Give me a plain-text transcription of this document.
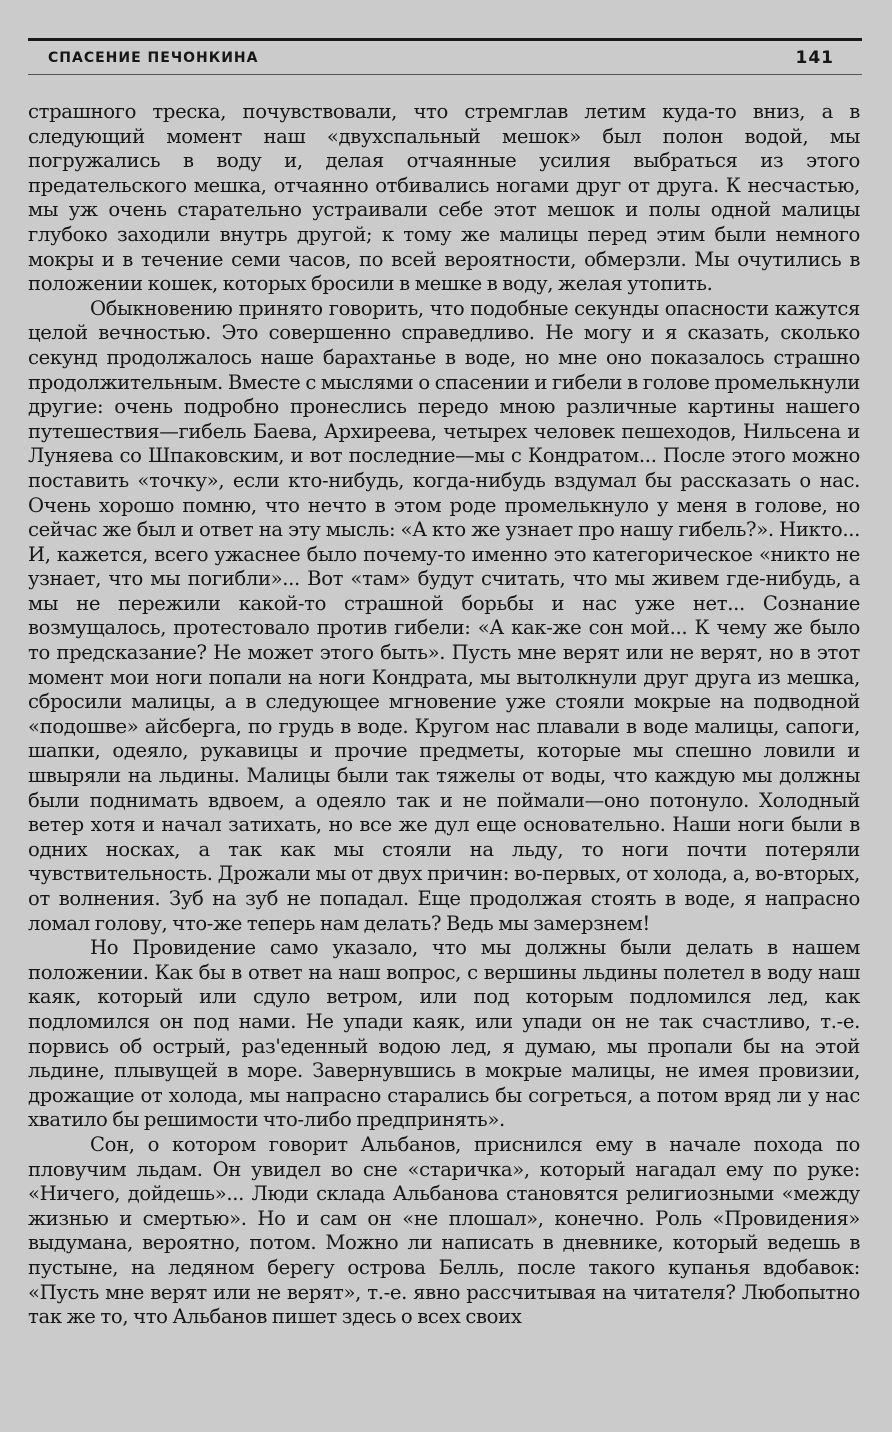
СПАСЕНИЕ ПЕЧОНКИНА	141

страшного треска, почувствовали, что стремглав летим куда-то вниз, а в следующий момент наш «двухспальный мешок» был полон водой, мы погружались в воду и, делая отчаянные усилия выбраться из этого предательского мешка, отчаянно отбивались ногами друг от друга. К несчастью, мы уж очень старательно устраивали себе этот мешок и полы одной малицы глубоко заходили внутрь другой; к тому же малицы перед этим были немного мокры и в течение семи часов, по всей вероятности, обмерзли. Мы очутились в положении кошек, которых бросили в мешке в воду, желая утопить.

Обыкновению принято говорить, что подобные секунды опасности кажутся целой вечностью. Это совершенно справедливо. Не могу и я сказать, сколько секунд продолжалось наше барахтанье в воде, но мне оно показалось страшно продолжительным. Вместе с мыслями о спасении и гибели в голове промелькнули другие: очень подробно пронеслись передо мною различные картины нашего путешествия—гибель Баева, Архиреева, четырех человек пешеходов, Нильсена и Луняева со Шпаковским, и вот последние—мы с Кондратом... После этого можно поставить «точку», если кто-нибудь, когда-нибудь вздумал бы рассказать о нас. Очень хорошо помню, что нечто в этом роде промелькнуло у меня в голове, но сейчас же был и ответ на эту мысль: «А кто же узнает про нашу гибель?». Никто... И, кажется, всего ужаснее было почему-то именно это категорическое «никто не узнает, что мы погибли»... Вот «там» будут считать, что мы живем где-нибудь, а мы не пережили какой-то страшной борьбы и нас уже нет... Сознание возмущалось, протестовало против гибели: «А как-же сон мой... К чему же было то предсказание? Не может этого быть». Пусть мне верят или не верят, но в этот момент мои ноги попали на ноги Кондрата, мы вытолкнули друг друга из мешка, сбросили малицы, а в следующее мгновение уже стояли мокрые на подводной «подошве» айсберга, по грудь в воде. Кругом нас плавали в воде малицы, сапоги, шапки, одеяло, рукавицы и прочие предметы, которые мы спешно ловили и швыряли на льдины. Малицы были так тяжелы от воды, что каждую мы должны были поднимать вдвоем, а одеяло так и не поймали—оно потонуло. Холодный ветер хотя и начал затихать, но все же дул еще основательно. Наши ноги были в одних носках, а так как мы стояли на льду, то ноги почти потеряли чувствительность. Дрожали мы от двух причин: во-первых, от холода, а, во-вторых, от волнения. Зуб на зуб не попадал. Еще продолжая стоять в воде, я напрасно ломал голову, что-же теперь нам делать? Ведь мы замерзнем!

Но Провидение само указало, что мы должны были делать в нашем положении. Как бы в ответ на наш вопрос, с вершины льдины полетел в воду наш каяк, который или сдуло ветром, или под которым подломился лед, как подломился он под нами. Не упади каяк, или упади он не так счастливо, т.-е. порвись об острый, раз'еденный водою лед, я думаю, мы пропали бы на этой льдине, плывущей в море. Завернувшись в мокрые малицы, не имея провизии, дрожащие от холода, мы напрасно старались бы согреться, а потом вряд ли у нас хватило бы решимости что-либо предпринять».

Сон, о котором говорит Альбанов, приснился ему в начале похода по пловучим льдам. Он увидел во сне «старичка», который нагадал ему по руке: «Ничего, дойдешь»... Люди склада Альбанова становятся религиозными «между жизнью и смертью». Но и сам он «не плошал», конечно. Роль «Провидения» выдумана, вероятно, потом. Можно ли написать в дневнике, который ведешь в пустыне, на ледяном берегу острова Белль, после такого купанья вдобавок: «Пусть мне верят или не верят», т.-е. явно рассчитывая на читателя? Любопытно так же то, что Альбанов пишет здесь о всех своих
